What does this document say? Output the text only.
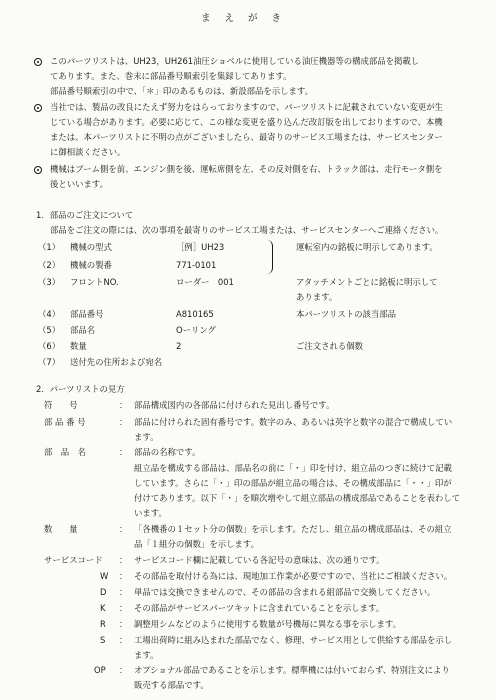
まえがき
このパーツリストは、UH23，UH261油圧ショベルに使用している油圧機器等の構成部品を掲載し
てあります。また、巻末に部品番号順索引を集録してあります。
部品番号順索引の中で、「＊」印のあるものは、新設部品を示します。
当社では、製品の改良にたえず努力をはらっておりますので、パーツリストに記載されていない変更が生
じている場合があります。必要に応じて、この様な変更を盛り込んだ改訂版を出しておりますので、本機
または、本パーツリストに不明の点がございましたら、最寄りのサービス工場または、サービスセンター
に御相談ください。
機械はブーム側を前、エンジン側を後、運転席側を左、その反対側を右、トラック部は、走行モータ側を
後といいます。
1．部品のご注文について
部品をご注文の際には、次の事項を最寄りのサービス工場または、サービスセンターへご連絡ください。
（1） 機械の型式	［例］UH23	運転室内の銘板に明示してあります。
（2） 機械の製番	771-0101
（3） フロントNO.	ローダー　001	アタッチメントごとに銘板に明示して
あります。
（4） 部品番号	A810165	本パーツリストの該当部品
（5） 部品名	Oーリング
（6） 数量	2	ご注文される個数
（7） 送付先の住所および宛名
2．パーツリストの見方
符　　号	： 部品構成図内の各部品に付けられた見出し番号です。
部 品 番 号	： 部品に付けられた固有番号です。数字のみ、あるいは英字と数字の混合で構成してい
ます。
部　品　名	： 部品の名称です。
組立品を構成する部品は、部品名の前に「・」印を付け、組立品のつぎに続けて記載
しています。さらに「・」印の部品が組立品の場合は、その構成部品に「・・」印が
付けてあります。以下「・」を順次増やして組立部品の構成部品であることを表わして
います。
数　　量	： 「各機番の１セット分の個数」を示します。ただし、組立品の構成部品は、その組立
品「１組分の個数」を示します。
サービスコード ： サービスコード欄に記載している各記号の意味は、次の通りです。
W ： その部品を取付ける為には、現地加工作業が必要ですので、当社にご相談ください。
D ： 単品では交換できませんので、その部品の含まれる組部品で交換してください。
K ： その部品がサービスパーツキットに含まれていることを示します。
R ： 調整用シムなどのように使用する数量が号機毎に異なる事を示します。
S ： 工場出荷時に組み込まれた部品でなく、修理、サービス用として供給する部品を示し
ます。
OP ： オプショナル部品であることを示します。標準機には付いておらず、特別注文により
販売する部品です。
